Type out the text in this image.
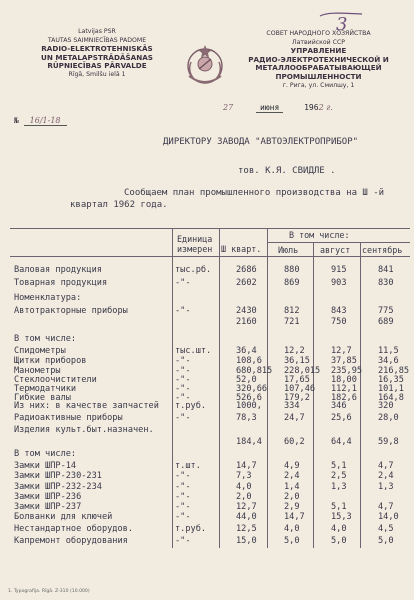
3
Latvijas PSR
TAUTAS SAIMNIECĪBAS PADOME
RADIO-ELEKTROTEHNISKĀS
UN METALAPSTRĀDĀŠANAS
RŪPNIECĪBAS PĀRVALDE
Rīgā, Smilšu ielā 1
СОВЕТ НАРОДНОГО ХОЗЯЙСТВА
Латвийской ССР
УПРАВЛЕНИЕ
РАДИО-ЭЛЕКТРОТЕХНИЧЕСКОЙ И
МЕТАЛЛООБРАБАТЫВАЮЩЕЙ
ПРОМЫШЛЕННОСТИ
г. Рига, ул. Смилшу, 1
№ 16/1-18
27	июня	1962 г.
ДИРЕКТОРУ ЗАВОДА "АВТОЭЛЕКТРОПРИБОР"
тов. К.Я. СВИДЛЕ .
Сообщаем план промышленного производства на Ш -й
квартал 1962 года.
Единица
измерен Ш кварт.
В том числе:
Июль	август сентябрь
Валовая продукция	тыс.рб.	2686	880	915	841
Товарная продукция	-"-	2602	869	903	830
Номенклатура:
Автотракторные приборы	-"-	2430	812	843	775
2160	721	750	689
В том числе:
Спидометры	тыс.шт.	36,4	12,2	12,7	11,5
Щитки приборов	-"-	108,6	36,15 37,85 34,6
Манометры	-"-	680,815 228,015 235,95 216,85
Стеклоочистители	-"-	52,0	17,65 18,00 16,35
Термодатчики	-"-	320,66 107,46 112,1 101,1
Гибкие валы	-"-	526,6	179,2 182,6 164,8
Из них: в качестве запчастей т.руб.	1000,	334	346	320
Радиоактивные приборы	-"-	78,3	24,7	25,6	28,0
Изделия культ.быт.назначен.
184,4	60,2	64,4	59,8
В том числе:
Замки ШПР-14	т.шт.	14,7	4,9	5,1	4,7
Замки ШПР-230-231	-"-	7,3	2,4	2,5	2,4
Замки ШПР-232-234	-"-	4,0	1,4	1,3	1,3
Замки ШПР-236	-"-	2,0	2,0
Замки ШПР-237	-"-	12,7	2,9	5,1	4,7
Болванки для ключей	-"-	44,0	14,7	15,3	14,0
Нестандартное оборудов.	т.руб.	12,5	4,0	4,0	4,5
Капремонт оборудования	-"-	15,0	5,0	5,0	5,0
1. Typografija. Rīgā. Z-310 (10.000)
